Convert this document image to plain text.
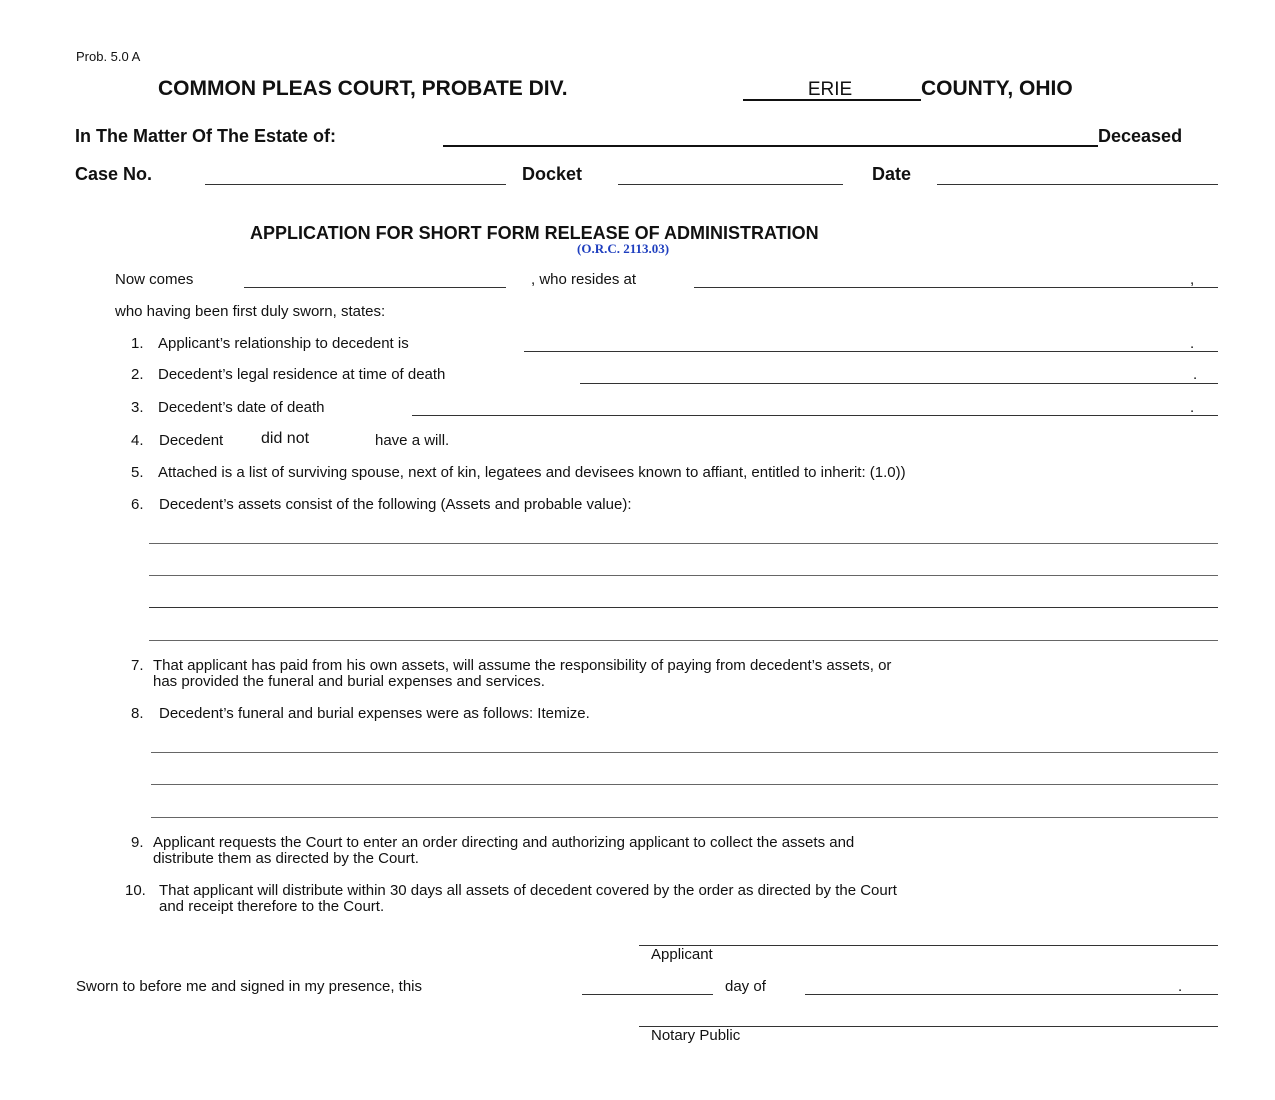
Prob. 5.0 A
COMMON PLEAS COURT, PROBATE DIV.
ERIE	COUNTY, OHIO
In The Matter Of The Estate of:	Deceased
Case No.	Docket	Date
APPLICATION FOR SHORT FORM RELEASE OF ADMINISTRATION
(O.R.C. 2113.03)
Now comes	, who resides at	,
who having been first duly sworn, states:
1. Applicant’s relationship to decedent is	.
2. Decedent’s legal residence at time of death	.
3. Decedent’s date of death	.
4. Decedent did not	have a will.
5. Attached is a list of surviving spouse, next of kin, legatees and devisees known to affiant, entitled to inherit: (1.0))
6. Decedent’s assets consist of the following (Assets and probable value):
7. That applicant has paid from his own assets, will assume the responsibility of paying from decedent’s assets, or
has provided the funeral and burial expenses and services.
8. Decedent’s funeral and burial expenses were as follows: Itemize.
9. Applicant requests the Court to enter an order directing and authorizing applicant to collect the assets and
distribute them as directed by the Court.
10. That applicant will distribute within 30 days all assets of decedent covered by the order as directed by the Court
and receipt therefore to the Court.
Applicant
Sworn to before me and signed in my presence, this	day of	.
Notary Public
